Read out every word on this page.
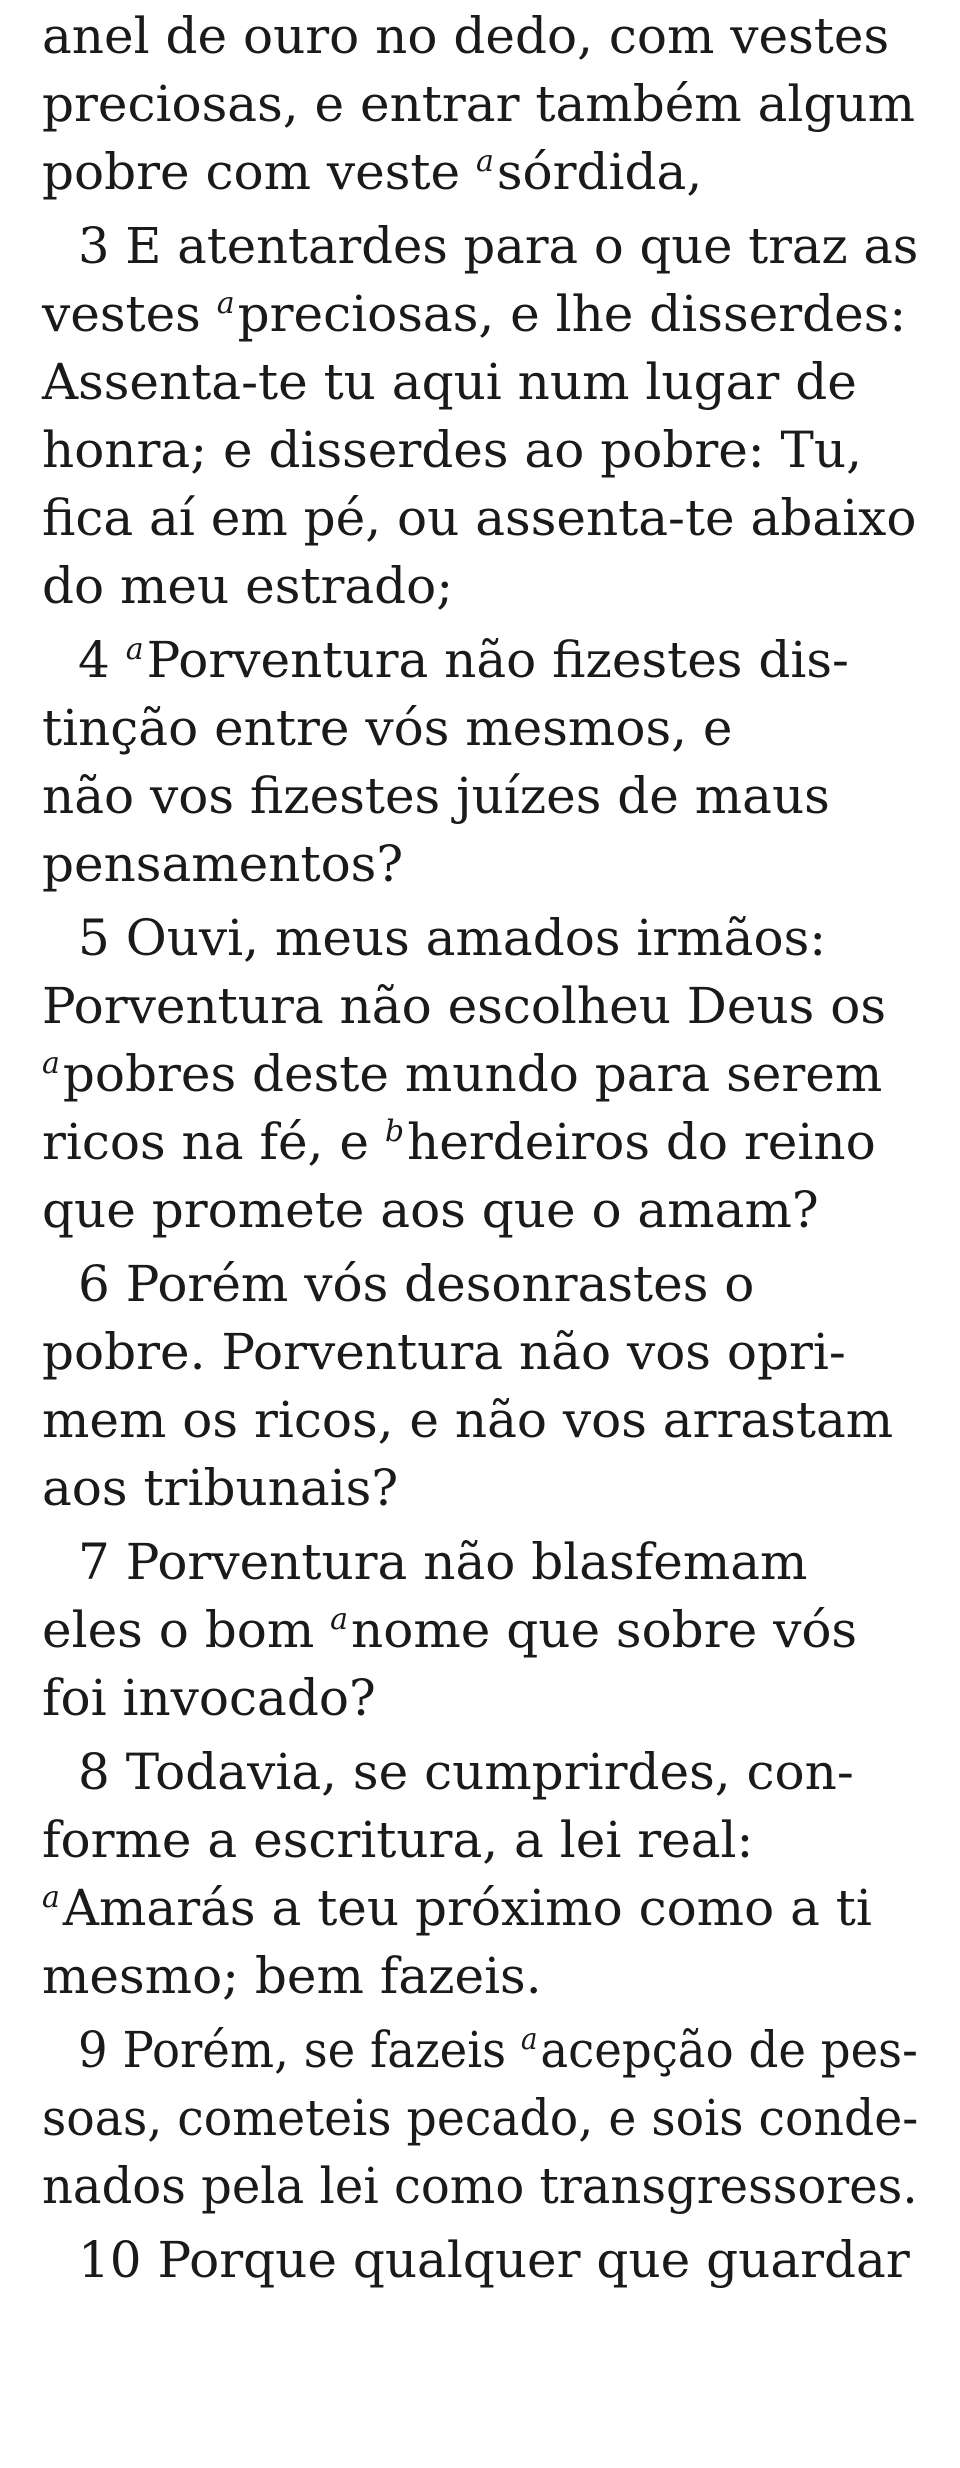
anel de ouro no dedo, com vestes
preciosas, e entrar também algum
pobre com veste $^a$sórdida,
3 E atentardes para o que traz as
vestes $^a$preciosas, e lhe disserdes:
Assenta-te tu aqui num lugar de
honra; e disserdes ao pobre: Tu,
fica aí em pé, ou assenta-te abaixo
do meu estrado;
4 $^a$Porventura não fizestes dis-
tinção entre vós mesmos, e
não vos fizestes juízes de maus
pensamentos?
5 Ouvi, meus amados irmãos:
Porventura não escolheu Deus os
$^a$pobres deste mundo para serem
ricos na fé, e $^b$herdeiros do reino
que promete aos que o amam?
6 Porém vós desonrastes o
pobre. Porventura não vos opri-
mem os ricos, e não vos arrastam
aos tribunais?
7 Porventura não blasfemam
eles o bom $^a$nome que sobre vós
foi invocado?
8 Todavia, se cumprirdes, con-
forme a escritura, a lei real:
$^a$Amarás a teu próximo como a ti
mesmo; bem fazeis.
9 Porém, se fazeis $^a$acepção de pes-
soas, cometeis pecado, e sois conde-
nados pela lei como transgressores.
10 Porque qualquer que guardar
